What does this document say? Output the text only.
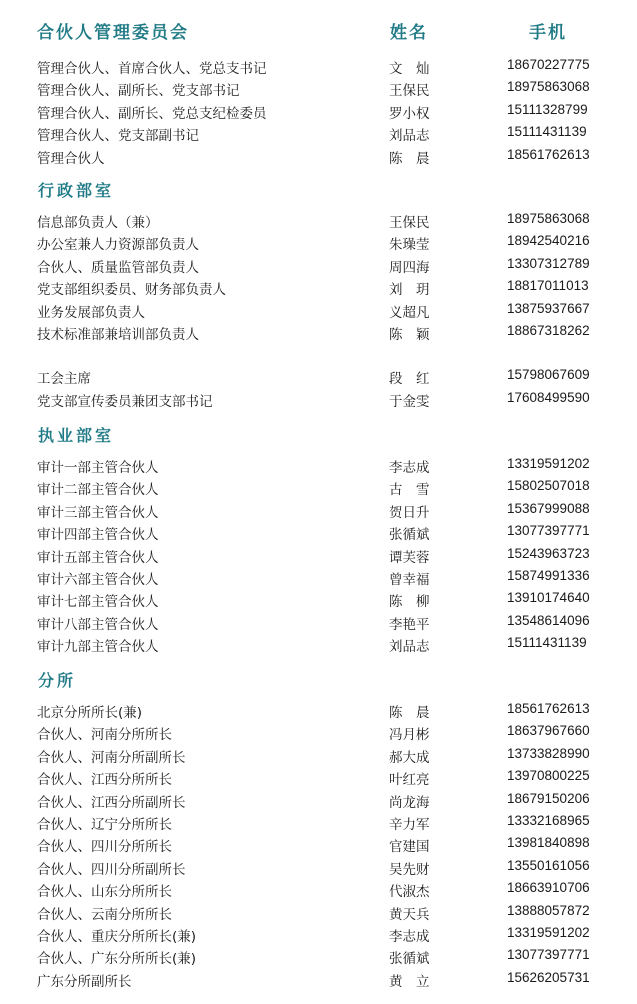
合伙人管理委员会	姓名	手机
管理合伙人、首席合伙人、党总支书记	文　灿	18670227775
管理合伙人、副所长、党支部书记	王保民	18975863068
管理合伙人、副所长、党总支纪检委员	罗小权	15111328799
管理合伙人、党支部副书记	刘品志	15111431139
管理合伙人	陈　晨	18561762613
行政部室
信息部负责人（兼）	王保民	18975863068
办公室兼人力资源部负责人	朱璪莹	18942540216
合伙人、质量监管部负责人	周四海	13307312789
党支部组织委员、财务部负责人	刘　玥	18817011013
业务发展部负责人	义超凡	13875937667
技术标准部兼培训部负责人	陈　颖	18867318262
工会主席	段　红	15798067609
党支部宣传委员兼团支部书记	于金雯	17608499590
执业部室
审计一部主管合伙人	李志成	13319591202
审计二部主管合伙人	古　雪	15802507018
审计三部主管合伙人	贺日升	15367999088
审计四部主管合伙人	张循斌	13077397771
审计五部主管合伙人	谭芙蓉	15243963723
审计六部主管合伙人	曾幸福	15874991336
审计七部主管合伙人	陈　柳	13910174640
审计八部主管合伙人	李艳平	13548614096
审计九部主管合伙人	刘品志	15111431139
分所
北京分所所长(兼)	陈　晨	18561762613
合伙人、河南分所所长	冯月彬	18637967660
合伙人、河南分所副所长	郝大成	13733828990
合伙人、江西分所所长	叶红亮	13970800225
合伙人、江西分所副所长	尚龙海	18679150206
合伙人、辽宁分所所长	辛力军	13332168965
合伙人、四川分所所长	官建国	13981840898
合伙人、四川分所副所长	吴先财	13550161056
合伙人、山东分所所长	代淑杰	18663910706
合伙人、云南分所所长	黄天兵	13888057872
合伙人、重庆分所所长(兼)	李志成	13319591202
合伙人、广东分所所长(兼)	张循斌	13077397771
广东分所副所长	黄　立	15626205731
